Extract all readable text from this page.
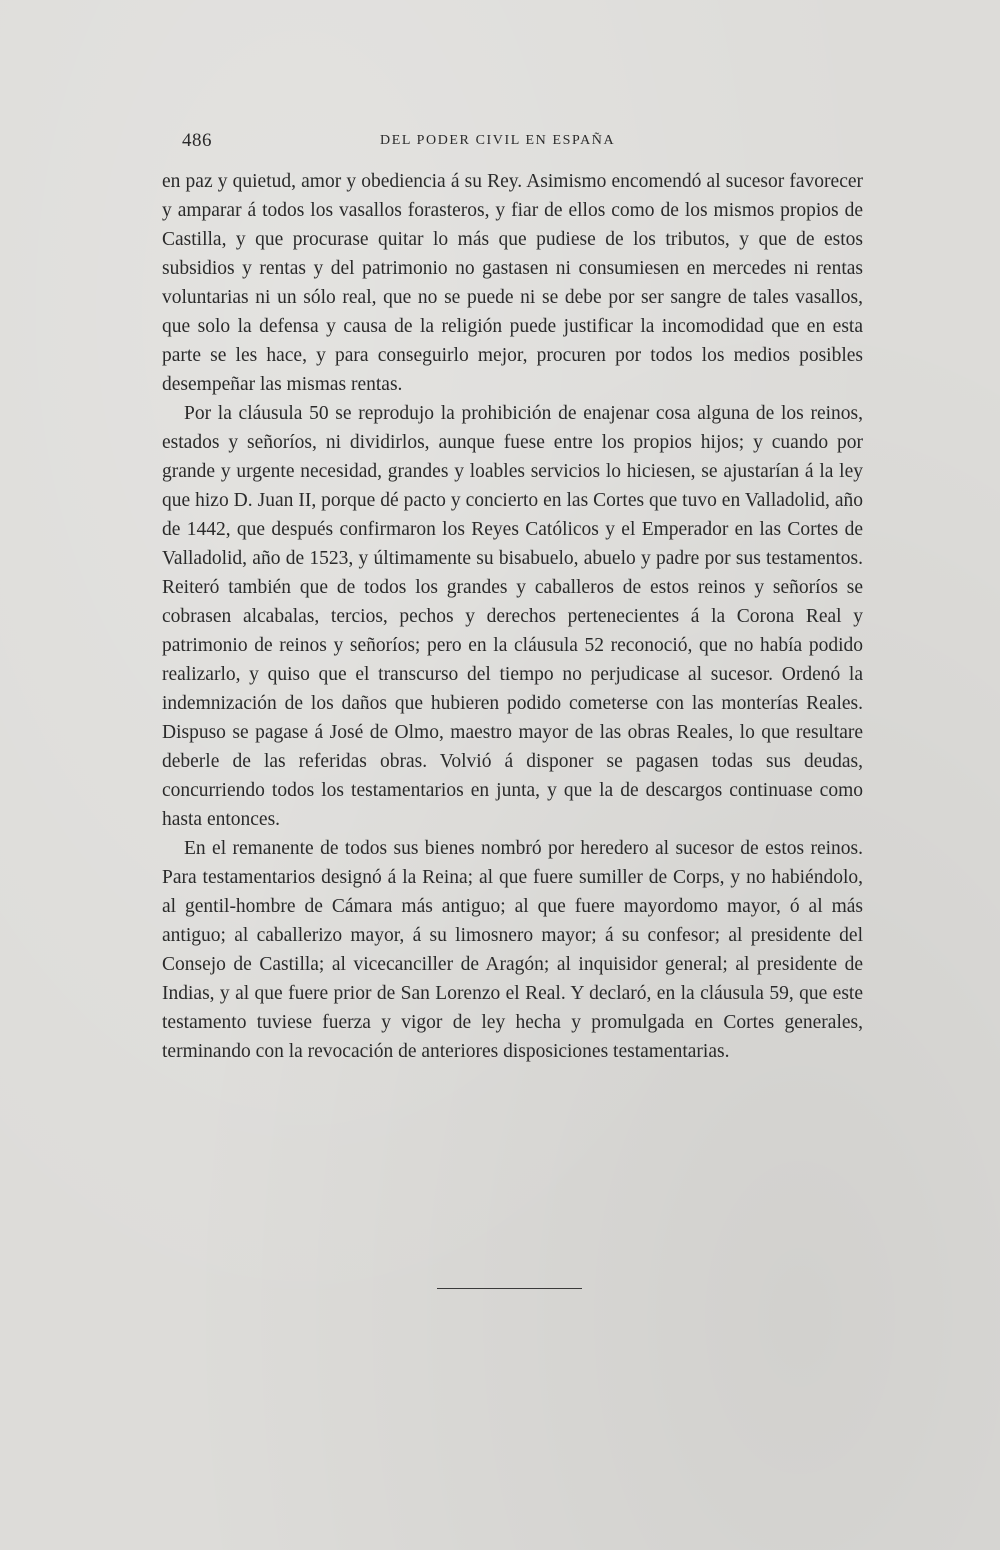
486	DEL PODER CIVIL EN ESPAÑA

en paz y quietud, amor y obediencia á su Rey. Asimismo encomendó al sucesor favorecer y amparar á todos los vasallos forasteros, y fiar de ellos como de los mismos propios de Castilla, y que procurase quitar lo más que pudiese de los tributos, y que de estos subsidios y rentas y del patrimonio no gastasen ni consumiesen en mercedes ni rentas voluntarias ni un sólo real, que no se puede ni se debe por ser sangre de tales vasallos, que solo la defensa y causa de la religión puede justificar la incomodidad que en esta parte se les hace, y para conseguirlo mejor, procuren por todos los medios posibles desempeñar las mismas rentas.

Por la cláusula 50 se reprodujo la prohibición de enajenar cosa alguna de los reinos, estados y señoríos, ni dividirlos, aunque fuese entre los propios hijos; y cuando por grande y urgente necesidad, grandes y loables servicios lo hiciesen, se ajustarían á la ley que hizo D. Juan II, porque dé pacto y concierto en las Cortes que tuvo en Valladolid, año de 1442, que después confirmaron los Reyes Católicos y el Emperador en las Cortes de Valladolid, año de 1523, y últimamente su bisabuelo, abuelo y padre por sus testamentos. Reiteró también que de todos los grandes y caballeros de estos reinos y señoríos se cobrasen alcabalas, tercios, pechos y derechos pertenecientes á la Corona Real y patrimonio de reinos y señoríos; pero en la cláusula 52 reconoció, que no había podido realizarlo, y quiso que el transcurso del tiempo no perjudicase al sucesor. Ordenó la indemnización de los daños que hubieren podido cometerse con las monterías Reales. Dispuso se pagase á José de Olmo, maestro mayor de las obras Reales, lo que resultare deberle de las referidas obras. Volvió á disponer se pagasen todas sus deudas, concurriendo todos los testamentarios en junta, y que la de descargos continuase como hasta entonces.

En el remanente de todos sus bienes nombró por heredero al sucesor de estos reinos. Para testamentarios designó á la Reina; al que fuere sumiller de Corps, y no habiéndolo, al gentil-hombre de Cámara más antiguo; al que fuere mayordomo mayor, ó al más antiguo; al caballerizo mayor, á su limosnero mayor; á su confesor; al presidente del Consejo de Castilla; al vicecanciller de Aragón; al inquisidor general; al presidente de Indias, y al que fuere prior de San Lorenzo el Real. Y declaró, en la cláusula 59, que este testamento tuviese fuerza y vigor de ley hecha y promulgada en Cortes generales, terminando con la revocación de anteriores disposiciones testamentarias.
